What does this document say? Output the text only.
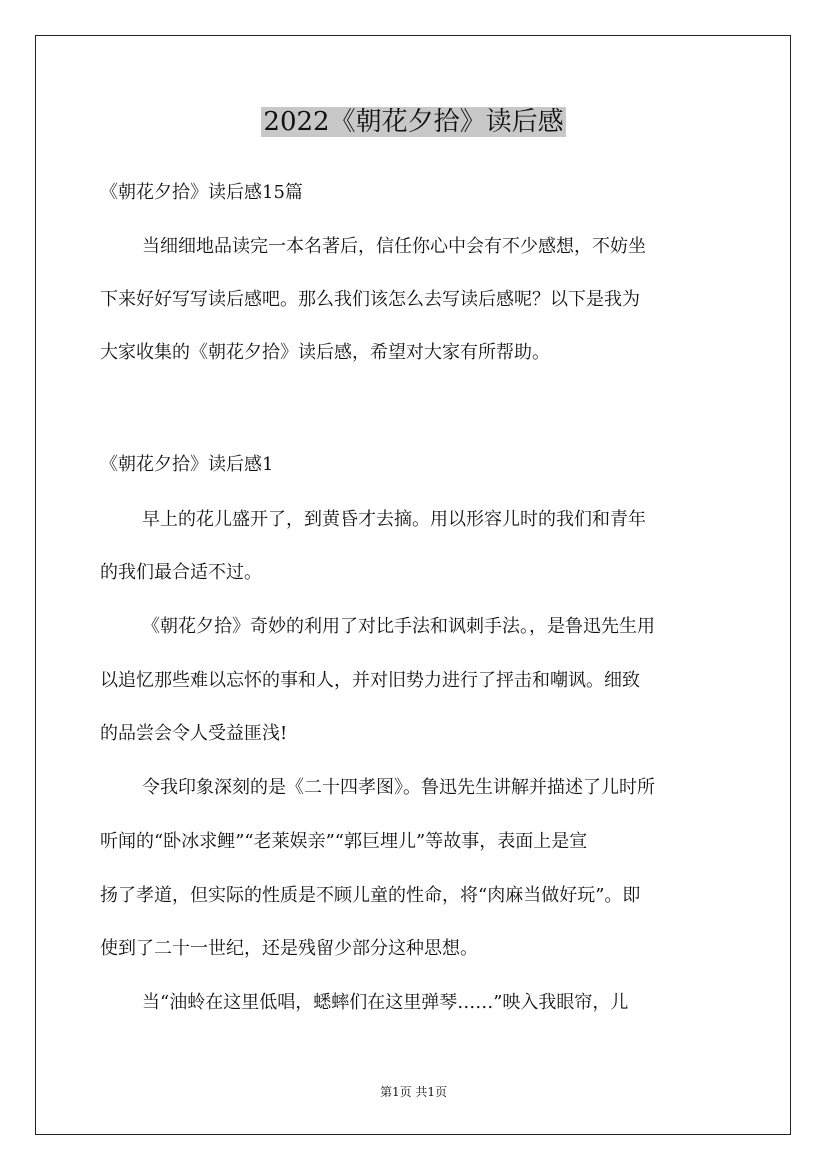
2022《朝花夕拾》读后感
《朝花夕拾》读后感15篇
当细细地品读完一本名著后，信任你心中会有不少感想，不妨坐
下来好好写写读后感吧。那么我们该怎么去写读后感呢？以下是我为
大家收集的《朝花夕拾》读后感，希望对大家有所帮助。
《朝花夕拾》读后感1
早上的花儿盛开了，到黄昏才去摘。用以形容儿时的我们和青年
的我们最合适不过。
《朝花夕拾》奇妙的利用了对比手法和讽刺手法。，是鲁迅先生用
以追忆那些难以忘怀的事和人，并对旧势力进行了抨击和嘲讽。细致
的品尝会令人受益匪浅!
令我印象深刻的是《二十四孝图》。鲁迅先生讲解并描述了儿时所
听闻的“卧冰求鲤”“老莱娱亲”“郭巨埋儿”等故事，表面上是宣
扬了孝道，但实际的性质是不顾儿童的性命，将“肉麻当做好玩”。即
使到了二十一世纪，还是残留少部分这种思想。
当“油蛉在这里低唱，蟋蟀们在这里弹琴……”映入我眼帘，儿
第1页 共1页
